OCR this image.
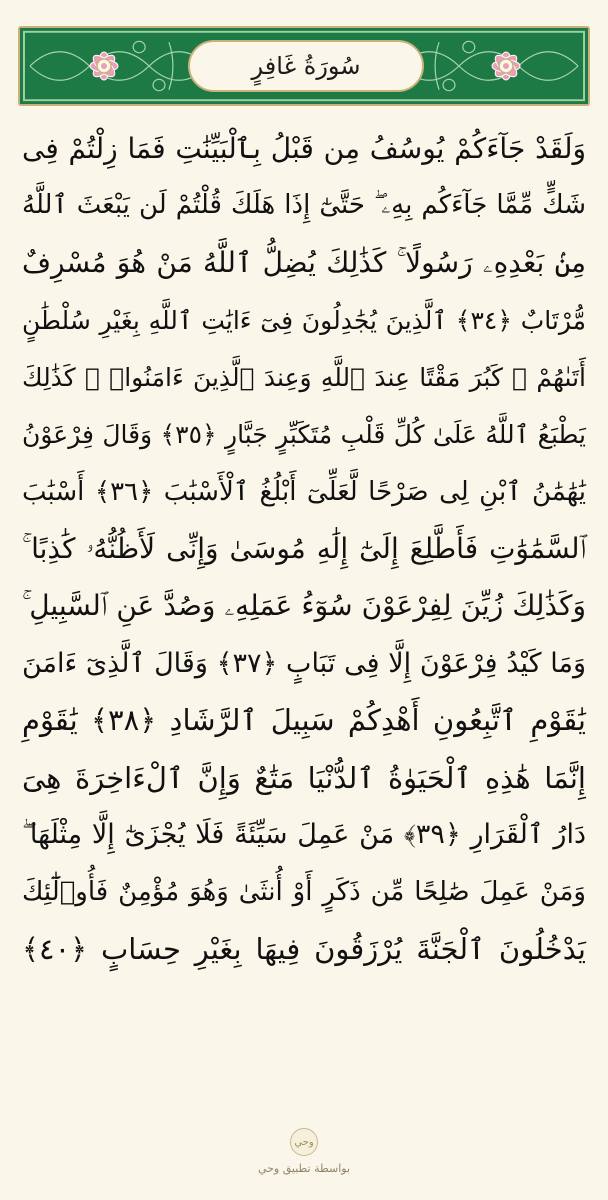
سُورَةُ غَافِرٍ
وَلَقَدْ جَآءَكُمْ يُوسُفُ مِن قَبْلُ بِٱلْبَيِّنَٰتِ فَمَا زِلْتُمْ فِى
شَكٍّ مِّمَّا جَآءَكُم بِهِۦ ۖ حَتَّىٰٓ إِذَا هَلَكَ قُلْتُمْ لَن يَبْعَثَ ٱللَّهُ
مِنۢ بَعْدِهِۦ رَسُولًا ۚ كَذَٰلِكَ يُضِلُّ ٱللَّهُ مَنْ هُوَ مُسْرِفٌ
مُّرْتَابٌ ﴿٣٤﴾ ٱلَّذِينَ يُجَٰدِلُونَ فِىٓ ءَايَٰتِ ٱللَّهِ بِغَيْرِ سُلْطَٰنٍ
أَتَىٰهُمْ ۖ كَبُرَ مَقْتًا عِندَ ٱللَّهِ وَعِندَ ٱلَّذِينَ ءَامَنُوا۟ ۚ كَذَٰلِكَ
يَطْبَعُ ٱللَّهُ عَلَىٰ كُلِّ قَلْبِ مُتَكَبِّرٍ جَبَّارٍ ﴿٣٥﴾ وَقَالَ فِرْعَوْنُ
يَٰهَٰمَٰنُ ٱبْنِ لِى صَرْحًا لَّعَلِّىٓ أَبْلُغُ ٱلْأَسْبَٰبَ ﴿٣٦﴾ أَسْبَٰبَ
ٱلسَّمَٰوَٰتِ فَأَطَّلِعَ إِلَىٰٓ إِلَٰهِ مُوسَىٰ وَإِنِّى لَأَظُنُّهُۥ كَٰذِبًا ۚ
وَكَذَٰلِكَ زُيِّنَ لِفِرْعَوْنَ سُوٓءُ عَمَلِهِۦ وَصُدَّ عَنِ ٱلسَّبِيلِ ۚ
وَمَا كَيْدُ فِرْعَوْنَ إِلَّا فِى تَبَابٍ ﴿٣٧﴾ وَقَالَ ٱلَّذِىٓ ءَامَنَ
يَٰقَوْمِ ٱتَّبِعُونِ أَهْدِكُمْ سَبِيلَ ٱلرَّشَادِ ﴿٣٨﴾ يَٰقَوْمِ
إِنَّمَا هَٰذِهِ ٱلْحَيَوٰةُ ٱلدُّنْيَا مَتَٰعٌ وَإِنَّ ٱلْءَاخِرَةَ هِىَ
دَارُ ٱلْقَرَارِ ﴿٣٩﴾ مَنْ عَمِلَ سَيِّئَةً فَلَا يُجْزَىٰٓ إِلَّا مِثْلَهَا ۖ
وَمَنْ عَمِلَ صَٰلِحًا مِّن ذَكَرٍ أَوْ أُنثَىٰ وَهُوَ مُؤْمِنٌ فَأُو۟لَٰٓئِكَ
يَدْخُلُونَ ٱلْجَنَّةَ يُرْزَقُونَ فِيهَا بِغَيْرِ حِسَابٍ ﴿٤٠﴾
وحي
بواسطة تطبيق وحي
